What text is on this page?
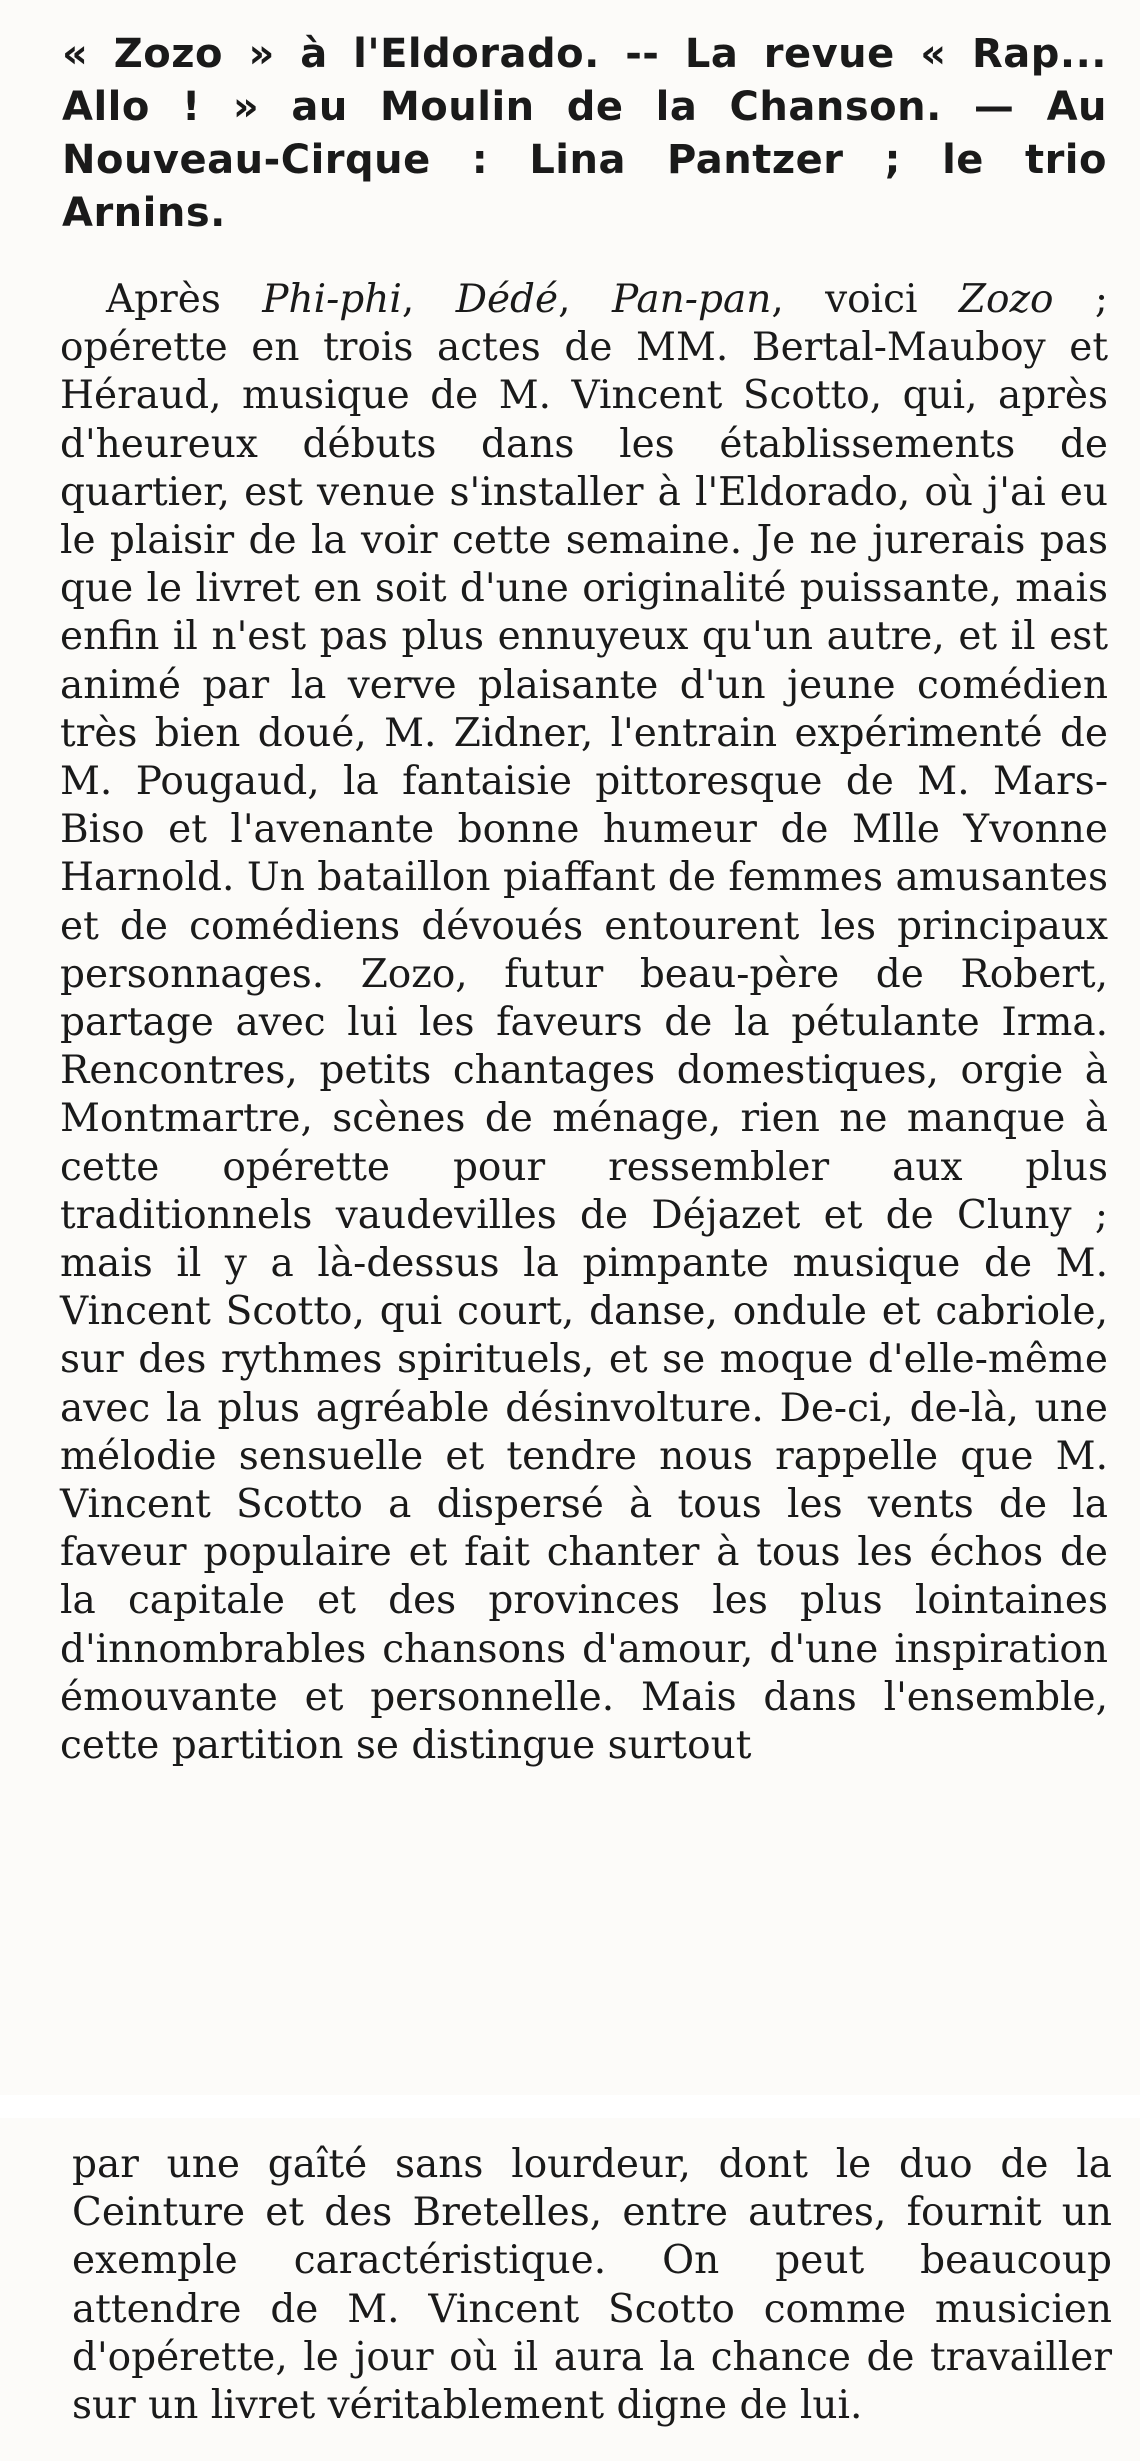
« Zozo » à l'Eldorado. -- La revue « Rap... Allo ! » au Moulin de la Chanson. — Au Nouveau-Cirque : Lina Pantzer ; le trio Arnins.

Après Phi-phi, Dédé, Pan-pan, voici Zozo ; opérette en trois actes de MM. Bertal-Mauboy et Héraud, musique de M. Vincent Scotto, qui, après d'heureux débuts dans les établissements de quartier, est venue s'installer à l'Eldorado, où j'ai eu le plaisir de la voir cette semaine. Je ne jurerais pas que le livret en soit d'une originalité puissante, mais enfin il n'est pas plus ennuyeux qu'un autre, et il est animé par la verve plaisante d'un jeune comédien très bien doué, M. Zidner, l'entrain expérimenté de M. Pougaud, la fantaisie pittoresque de M. Mars-Biso et l'avenante bonne humeur de Mlle Yvonne Harnold. Un bataillon piaffant de femmes amusantes et de comédiens dévoués entourent les principaux personnages. Zozo, futur beau-père de Robert, partage avec lui les faveurs de la pétulante Irma. Rencontres, petits chantages domestiques, orgie à Montmartre, scènes de ménage, rien ne manque à cette opérette pour ressembler aux plus traditionnels vaudevilles de Déjazet et de Cluny ; mais il y a là-dessus la pimpante musique de M. Vincent Scotto, qui court, danse, ondule et cabriole, sur des rythmes spirituels, et se moque d'elle-même avec la plus agréable désinvolture. De-ci, de-là, une mélodie sensuelle et tendre nous rappelle que M. Vincent Scotto a dispersé à tous les vents de la faveur populaire et fait chanter à tous les échos de la capitale et des provinces les plus lointaines d'innombrables chansons d'amour, d'une inspiration émouvante et personnelle. Mais dans l'ensemble, cette partition se distingue surtout

par une gaîté sans lourdeur, dont le duo de la Ceinture et des Bretelles, entre autres, fournit un exemple caractéristique. On peut beaucoup attendre de M. Vincent Scotto comme musicien d'opérette, le jour où il aura la chance de travailler sur un livret véritablement digne de lui.
